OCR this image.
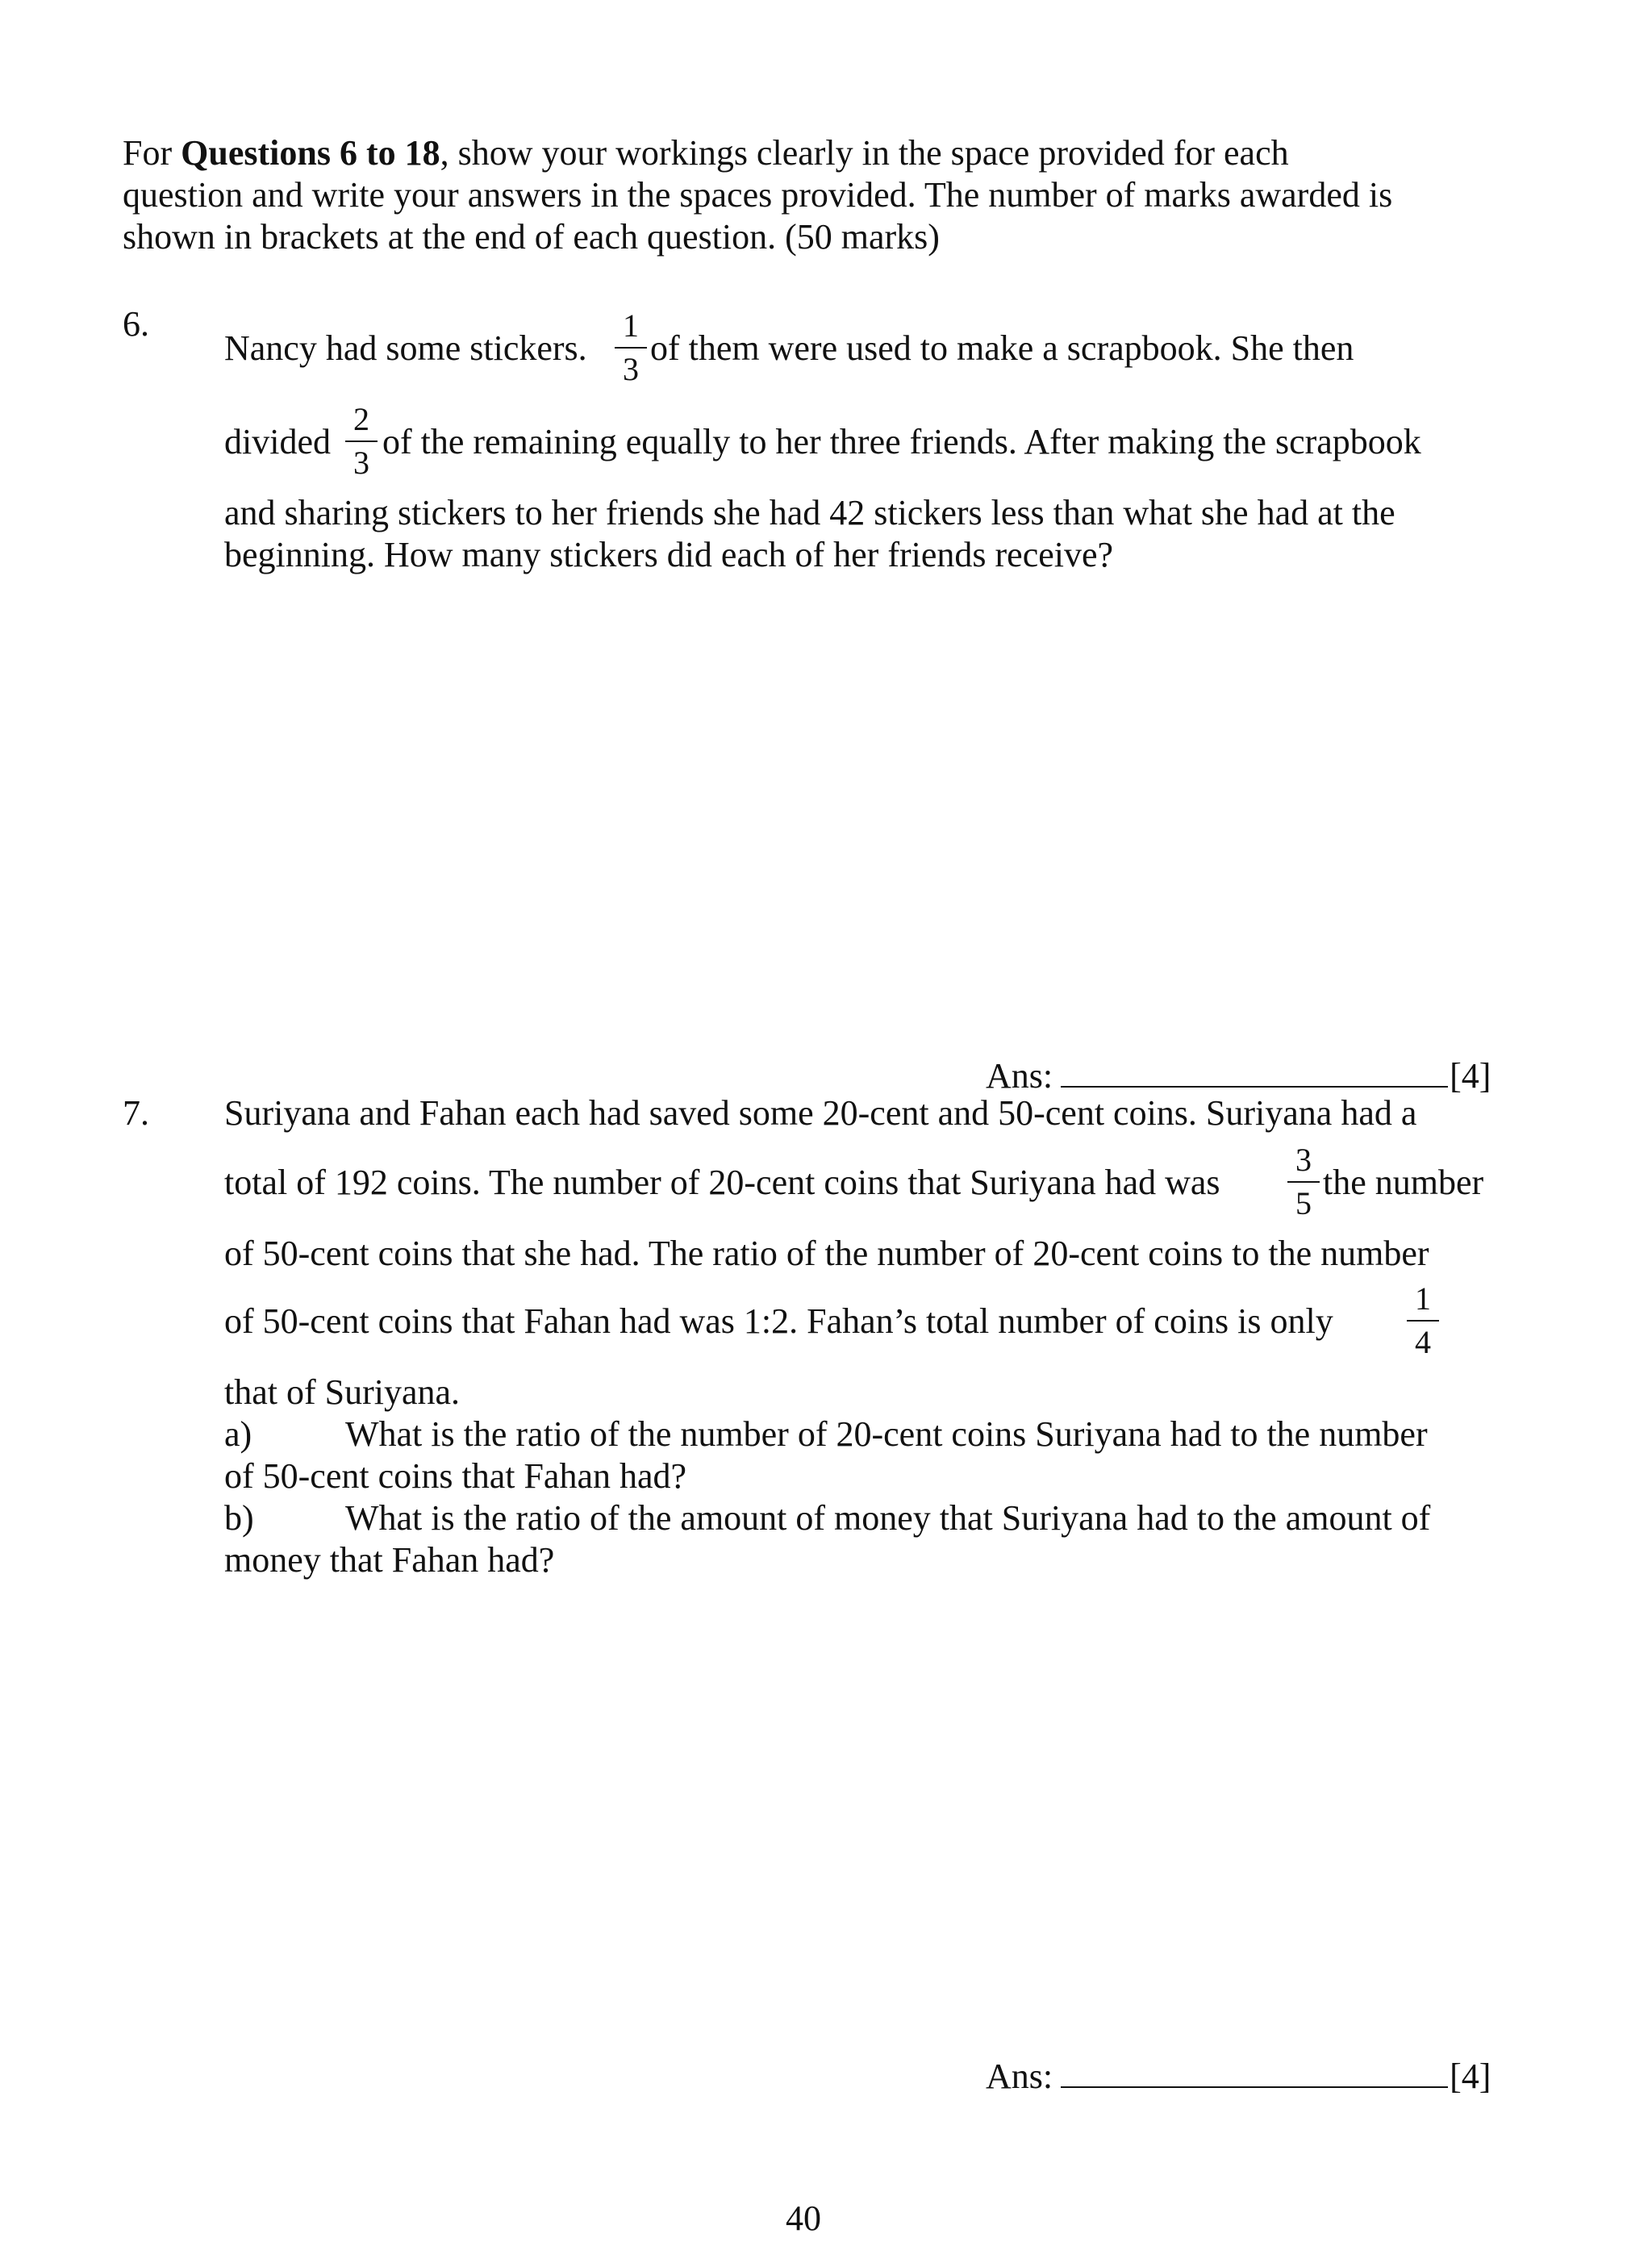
For Questions 6 to 18, show your workings clearly in the space provided for each
question and write your answers in the spaces provided. The number of marks awarded is
shown in brackets at the end of each question. (50 marks)
6.
Nancy had some stickers.
1
3
of them were used to make a scrapbook. She then
divided
2
3
of the remaining equally to her three friends. After making the scrapbook
and sharing stickers to her friends she had 42 stickers less than what she had at the
beginning. How many stickers did each of her friends receive?
Ans:	[4]
7. Suriyana and Fahan each had saved some 20-cent and 50-cent coins. Suriyana had a
total of 192 coins. The number of 20-cent coins that Suriyana had was
3
5
the number
of 50-cent coins that she had. The ratio of the number of 20-cent coins to the number
of 50-cent coins that Fahan had was 1:2. Fahan’s total number of coins is only
1
4
that of Suriyana.
a)	What is the ratio of the number of 20-cent coins Suriyana had to the number
of 50-cent coins that Fahan had?
b)	What is the ratio of the amount of money that Suriyana had to the amount of
money that Fahan had?
Ans:	[4]
40
